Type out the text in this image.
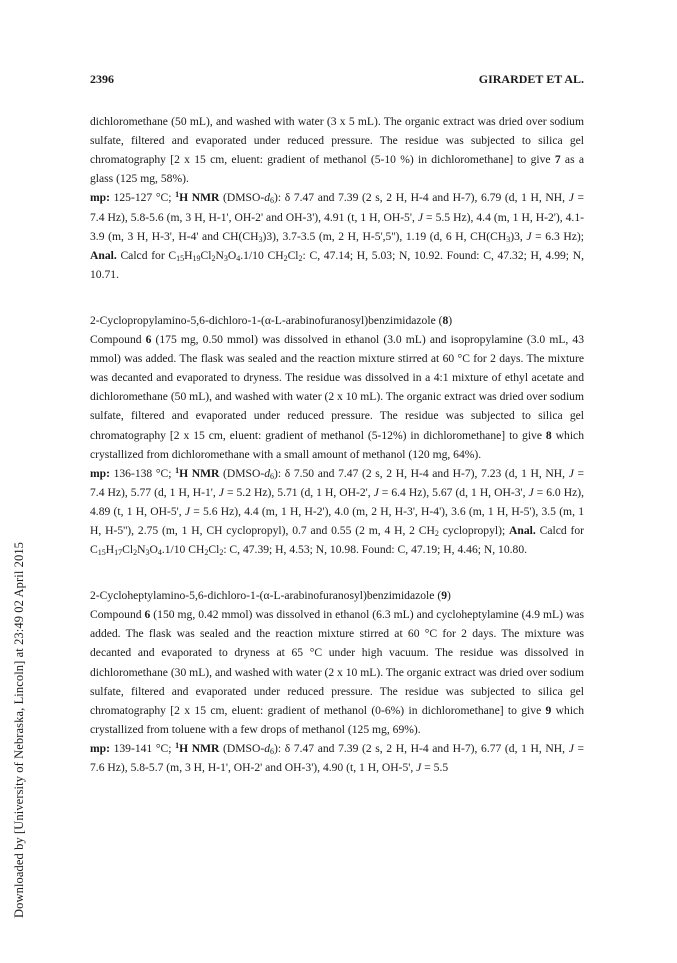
Downloaded by [University of Nebraska, Lincoln] at 23:49 02 April 2015
2396	GIRARDET ET AL.

dichloromethane (50 mL), and washed with water (3 x 5 mL). The organic extract was dried over sodium sulfate, filtered and evaporated under reduced pressure. The residue was subjected to silica gel chromatography [2 x 15 cm, eluent: gradient of methanol (5-10 %) in dichloromethane] to give 7 as a glass (125 mg, 58%).

mp: 125-127 °C; $^1$H NMR $(DMSO-d_6)$: δ 7.47 and 7.39 (2 s, 2 H, H-4 and H-7), 6.79 (d, 1 H, NH, J = 7.4 Hz), 5.8-5.6 (m, 3 H, H-1', OH-2' and OH-3'), 4.91 (t, 1 H, OH-5', J = 5.5 Hz), 4.4 (m, 1 H, H-2'), 4.1-3.9 (m, 3 H, H-3', H-4' and $CH(CH_3)3$), 3.7-3.5 (m, 2 H, H-5',5''), 1.19 (d, 6 H, $CH(CH_3)3$, J = 6.3 Hz); Anal. Calcd for $C_{15}H_{19}Cl_2N_3O_4.1/10$ $CH_2Cl_2$: C, 47.14; H, 5.03; N, 10.92. Found: C, 47.32; H, 4.99; N, 10.71.

2-Cyclopropylamino-5,6-dichloro-1-(α-L-arabinofuranosyl)benzimidazole (8)

Compound 6 (175 mg, 0.50 mmol) was dissolved in ethanol (3.0 mL) and isopropylamine (3.0 mL, 43 mmol) was added. The flask was sealed and the reaction mixture stirred at 60 °C for 2 days. The mixture was decanted and evaporated to dryness. The residue was dissolved in a 4:1 mixture of ethyl acetate and dichloromethane (50 mL), and washed with water (2 x 10 mL). The organic extract was dried over sodium sulfate, filtered and evaporated under reduced pressure. The residue was subjected to silica gel chromatography [2 x 15 cm, eluent: gradient of methanol (5-12%) in dichloromethane] to give 8 which crystallized from dichloromethane with a small amount of methanol (120 mg, 64%).

mp: 136-138 °C; $^1$H NMR $(DMSO-d_6)$: δ 7.50 and 7.47 (2 s, 2 H, H-4 and H-7), 7.23 (d, 1 H, NH, J = 7.4 Hz), 5.77 (d, 1 H, H-1', J = 5.2 Hz), 5.71 (d, 1 H, OH-2', J = 6.4 Hz), 5.67 (d, 1 H, OH-3', J = 6.0 Hz), 4.89 (t, 1 H, OH-5', J = 5.6 Hz), 4.4 (m, 1 H, H-2'), 4.0 (m, 2 H, H-3', H-4'), 3.6 (m, 1 H, H-5'), 3.5 (m, 1 H, H-5''), 2.75 (m, 1 H, CH cyclopropyl), 0.7 and 0.55 (2 m, 4 H, 2 $CH_2$ cyclopropyl); Anal. Calcd for $C_{15}H_{17}Cl_2N_3O_4.1/10$ $CH_2Cl_2$: C, 47.39; H, 4.53; N, 10.98. Found: C, 47.19; H, 4.46; N, 10.80.

2-Cycloheptylamino-5,6-dichloro-1-(α-L-arabinofuranosyl)benzimidazole (9)

Compound 6 (150 mg, 0.42 mmol) was dissolved in ethanol (6.3 mL) and cycloheptylamine (4.9 mL) was added. The flask was sealed and the reaction mixture stirred at 60 °C for 2 days. The mixture was decanted and evaporated to dryness at 65 °C under high vacuum. The residue was dissolved in dichloromethane (30 mL), and washed with water (2 x 10 mL). The organic extract was dried over sodium sulfate, filtered and evaporated under reduced pressure. The residue was subjected to silica gel chromatography [2 x 15 cm, eluent: gradient of methanol (0-6%) in dichloromethane] to give 9 which crystallized from toluene with a few drops of methanol (125 mg, 69%).

mp: 139-141 °C; $^1$H NMR $(DMSO-d_6)$: δ 7.47 and 7.39 (2 s, 2 H, H-4 and H-7), 6.77 (d, 1 H, NH, J = 7.6 Hz), 5.8-5.7 (m, 3 H, H-1', OH-2' and OH-3'), 4.90 (t, 1 H, OH-5', J = 5.5
